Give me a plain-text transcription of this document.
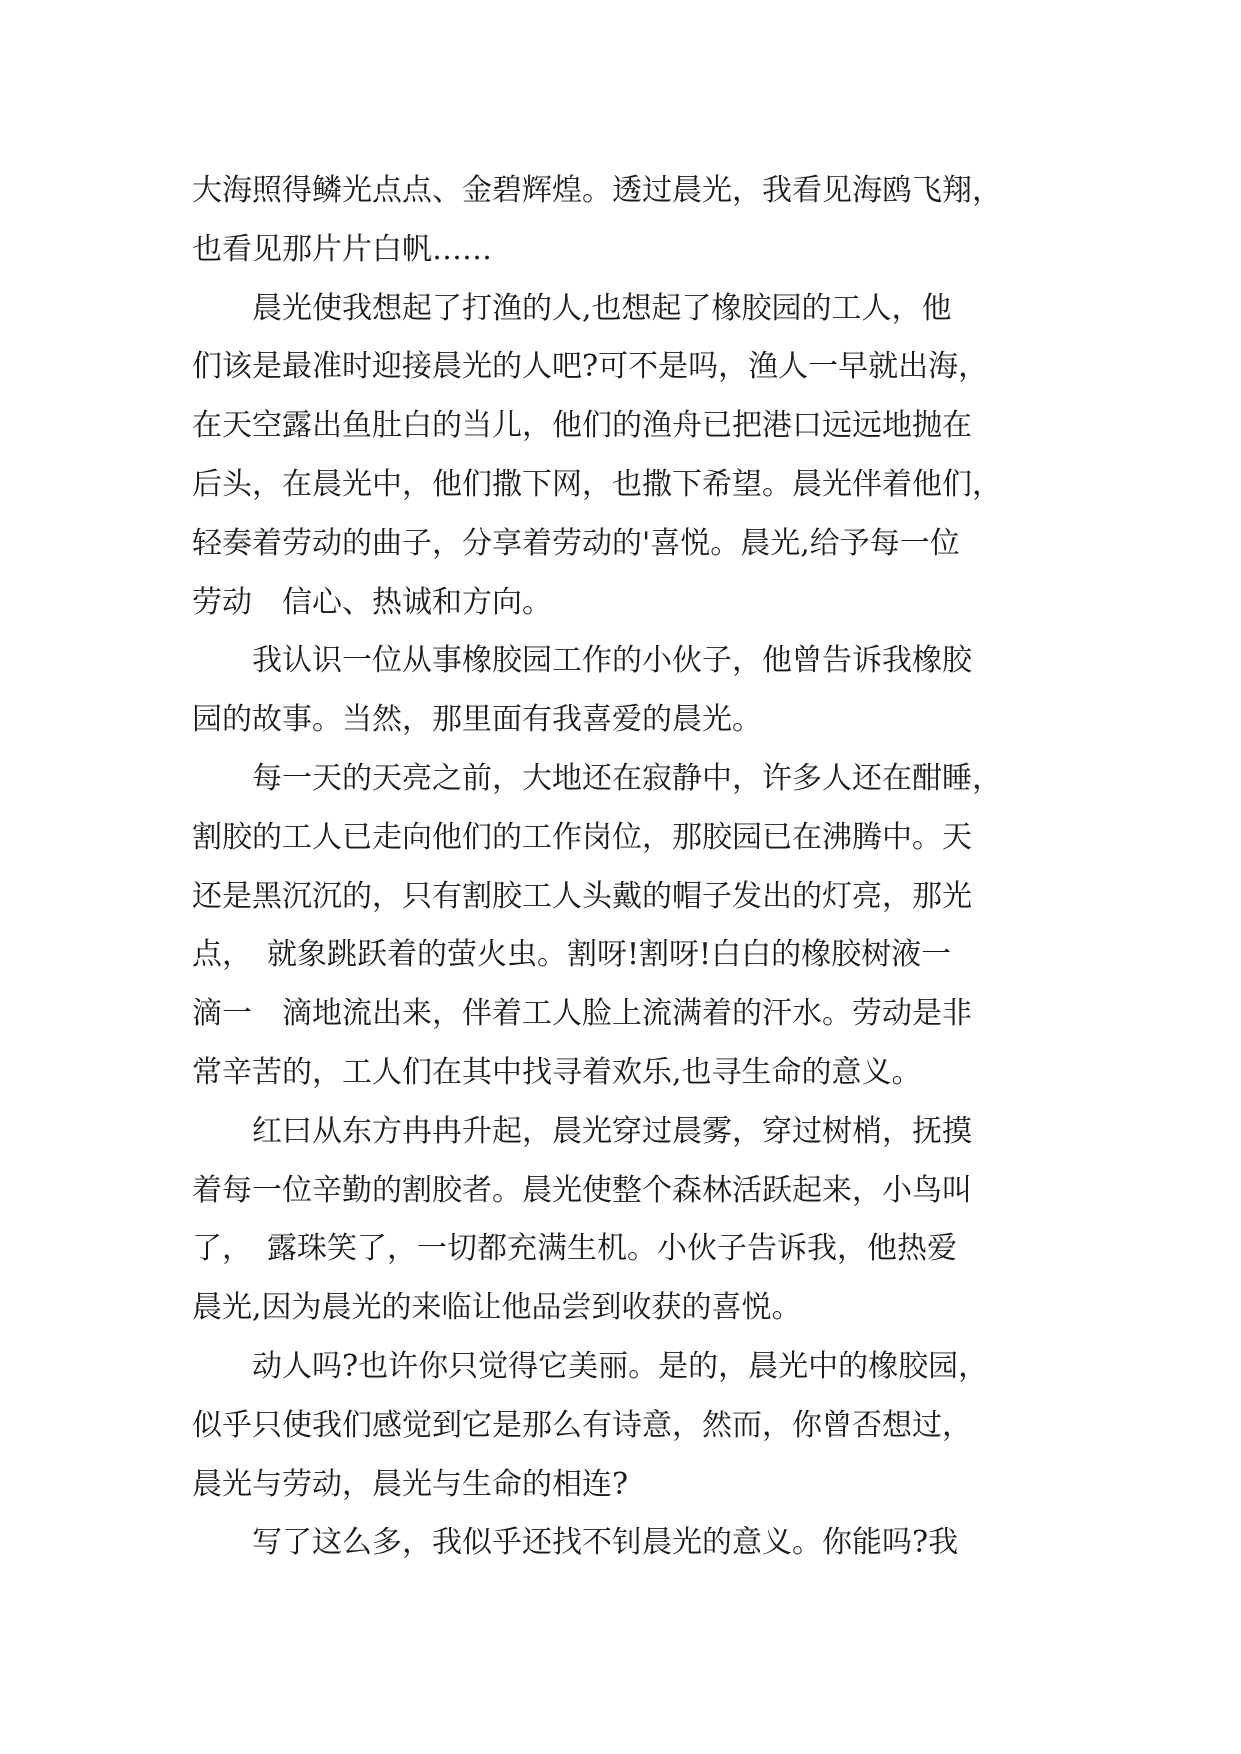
大海照得鳞光点点、金碧辉煌。透过晨光，我看见海鸥飞翔，
也看见那片片白帆……
　　晨光使我想起了打渔的人,也想起了橡胶园的工人，他
们该是最准时迎接晨光的人吧?可不是吗，渔人一早就出海，
在天空露出鱼肚白的当儿，他们的渔舟已把港口远远地抛在
后头，在晨光中，他们撒下网，也撒下希望。晨光伴着他们，
轻奏着劳动的曲子，分享着劳动的'喜悦。晨光,给予每一位
劳动　信心、热诚和方向。
　　我认识一位从事橡胶园工作的小伙子，他曾告诉我橡胶
园的故事。当然，那里面有我喜爱的晨光。
　　每一天的天亮之前，大地还在寂静中，许多人还在酣睡，
割胶的工人已走向他们的工作岗位，那胶园已在沸腾中。天
还是黑沉沉的，只有割胶工人头戴的帽子发出的灯亮，那光
点，　就象跳跃着的萤火虫。割呀!割呀!白白的橡胶树液一
滴一　滴地流出来，伴着工人脸上流满着的汗水。劳动是非
常辛苦的，工人们在其中找寻着欢乐,也寻生命的意义。
　　红曰从东方冉冉升起，晨光穿过晨雾，穿过树梢，抚摸
着每一位辛勤的割胶者。晨光使整个森林活跃起来，小鸟叫
了，　露珠笑了，一切都充满生机。小伙子告诉我，他热爱
晨光,因为晨光的来临让他品尝到收获的喜悦。
　　动人吗?也许你只觉得它美丽。是的，晨光中的橡胶园，
似乎只使我们感觉到它是那么有诗意，然而，你曾否想过，
晨光与劳动，晨光与生命的相连?
　　写了这么多，我似乎还找不钊晨光的意义。你能吗?我
